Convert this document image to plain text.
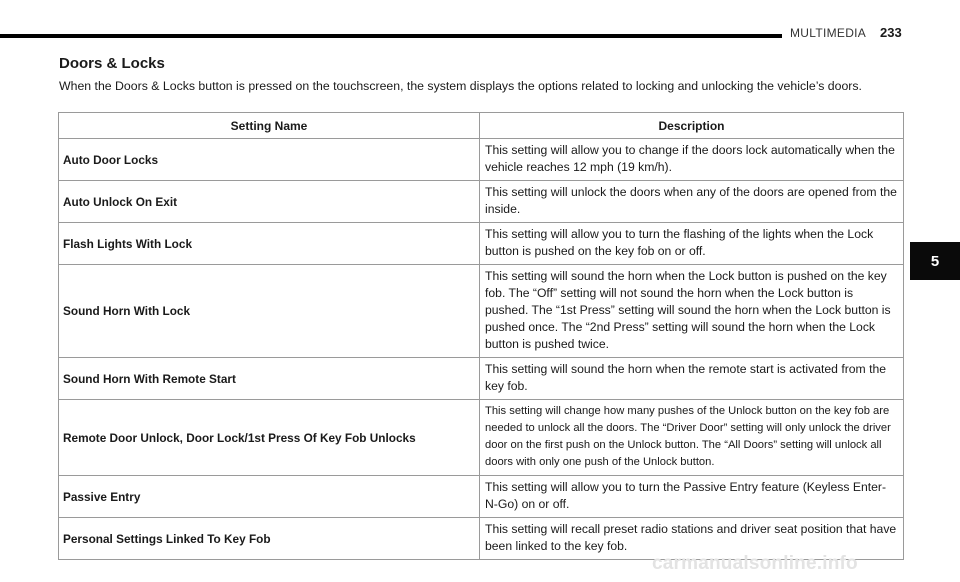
MULTIMEDIA 233
Doors & Locks
When the Doors & Locks button is pressed on the touchscreen, the system displays the options related to locking and unlocking the vehicle’s doors.
Setting Name	Description
Auto Door Locks	This setting will allow you to change if the doors lock automatically when the vehicle reaches 12 mph (19 km/h).
Auto Unlock On Exit	This setting will unlock the doors when any of the doors are opened from the inside.
Flash Lights With Lock	This setting will allow you to turn the flashing of the lights when the Lock button is pushed on the key fob on or off.
Sound Horn With Lock	This setting will sound the horn when the Lock button is pushed on the key fob. The “Off” setting will not sound the horn when the Lock button is pushed. The “1st Press” setting will sound the horn when the Lock button is pushed once. The “2nd Press” setting will sound the horn when the Lock button is pushed twice.
Sound Horn With Remote Start	This setting will sound the horn when the remote start is activated from the key fob.
Remote Door Unlock, Door Lock/1st Press Of Key Fob Unlocks	This setting will change how many pushes of the Unlock button on the key fob are needed to unlock all the doors. The “Driver Door” setting will only unlock the driver door on the first push on the Unlock button. The “All Doors” setting will unlock all doors with only one push of the Unlock button.
Passive Entry	This setting will allow you to turn the Passive Entry feature (Keyless Enter-N-Go) on or off.
Personal Settings Linked To Key Fob	This setting will recall preset radio stations and driver seat position that have been linked to the key fob.
5
carmanualsonline.info
